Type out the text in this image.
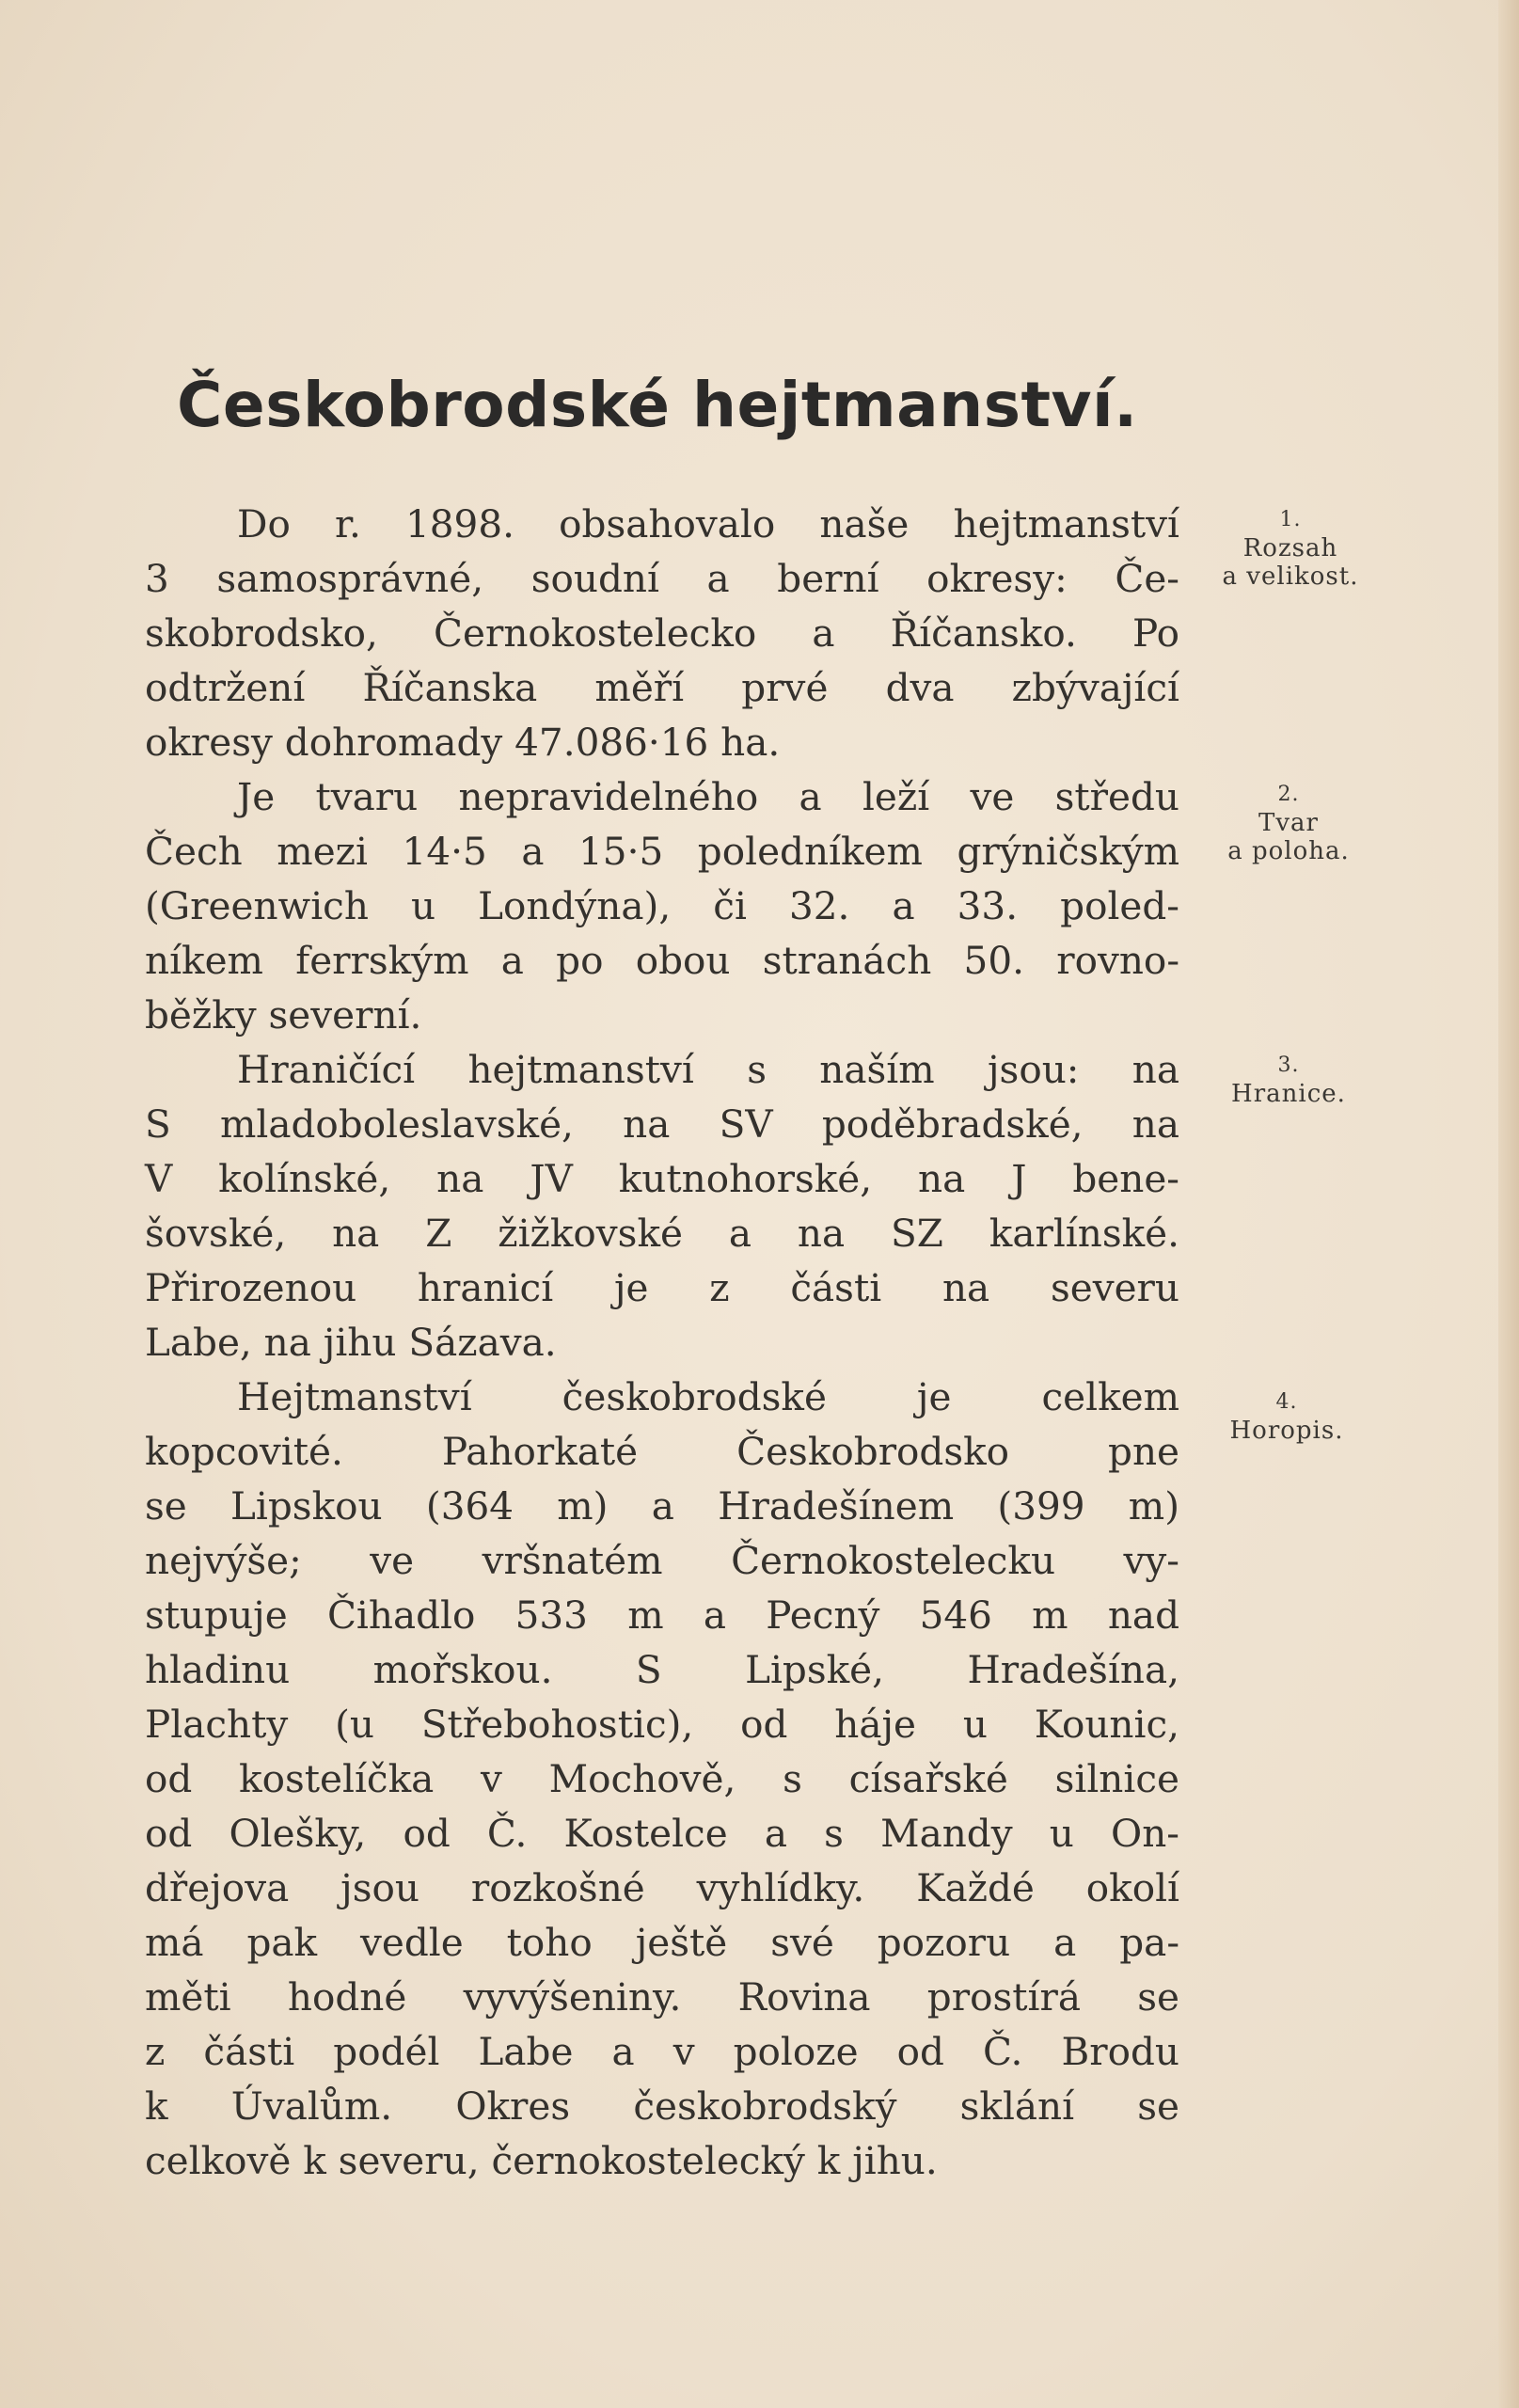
Českobrodské hejtmanství.

Do r. 1898. obsahovalo naše hejtmanství
3 samosprávné, soudní a berní okresy: Če-
skobrodsko, Černokostelecko a Říčansko. Po
odtržení Říčanska měří prvé dva zbývající
okresy dohromady 47.086·16 ha.

Je tvaru nepravidelného a leží ve středu
Čech mezi 14·5 a 15·5 poledníkem grýničským
(Greenwich u Londýna), či 32. a 33. poled-
níkem ferrským a po obou stranách 50. rovno-
běžky severní.

Hraničící hejtmanství s naším jsou: na
S mladoboleslavské, na SV poděbradské, na
V kolínské, na JV kutnohorské, na J bene-
šovské, na Z žižkovské a na SZ karlínské.
Přirozenou hranicí je z části na severu
Labe, na jihu Sázava.

Hejtmanství českobrodské je celkem
kopcovité. Pahorkaté Českobrodsko pne
se Lipskou (364 m) a Hradešínem (399 m)
nejvýše; ve vršnatém Černokostelecku vy-
stupuje Čihadlo 533 m a Pecný 546 m nad
hladinu mořskou. S Lipské, Hradešína,
Plachty (u Střebohostic), od háje u Kounic,
od kostelíčka v Mochově, s císařské silnice
od Olešky, od Č. Kostelce a s Mandy u On-
dřejova jsou rozkošné vyhlídky. Každé okolí
má pak vedle toho ještě své pozoru a pa-
měti hodné vyvýšeniny. Rovina prostírá se
z části podél Labe a v poloze od Č. Brodu
k Úvalům. Okres českobrodský sklání se
celkově k severu, černokostelecký k jihu.

1.
Rozsah
a velikost.
2.
Tvar
a poloha.
3.
Hranice.
4.
Horopis.
